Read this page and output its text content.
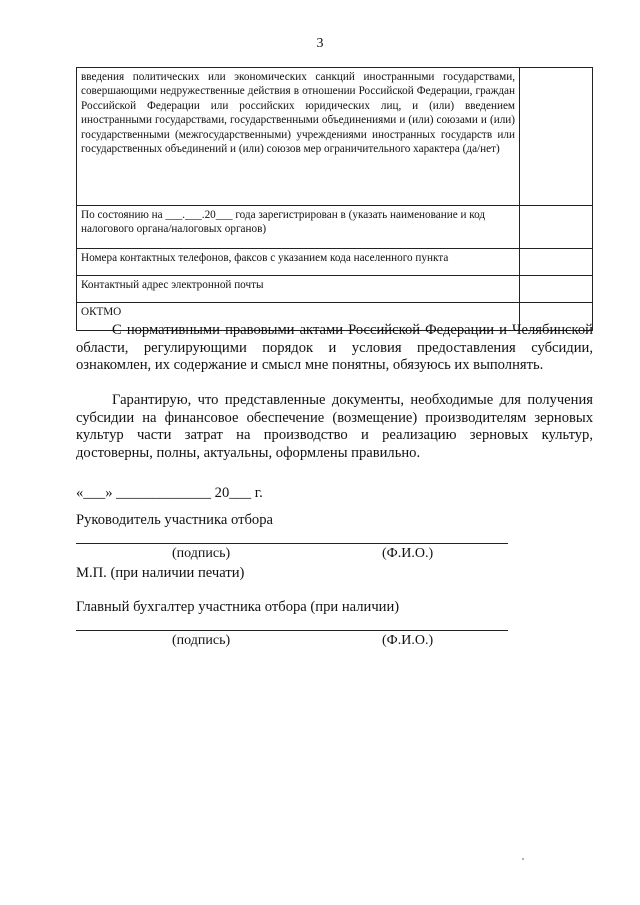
3
введения политических или экономических санкций иностранными государствами, совершающими недружественные действия в отношении Российской Федерации, граждан Российской Федерации или российских юридических лиц, и (или) введением иностранными государствами, государственными объединениями и (или) союзами и (или) государственными (межгосударственными) учреждениями иностранных государств или государственных объединений и (или) союзов мер ограничительного характера (да/нет)	
По состоянию на ___.___.20___ года зарегистрирован в (указать наименование и код налогового органа/налоговых органов)	
Номера контактных телефонов, факсов с указанием кода населенного пункта	
Контактный адрес электронной почты	
ОКТМО	

С нормативными правовыми актами Российской Федерации и Челябинской области, регулирующими порядок и условия предоставления субсидии, ознакомлен, их содержание и смысл мне понятны, обязуюсь их выполнять.

Гарантирую, что представленные документы, необходимые для получения субсидии на финансовое обеспечение (возмещение) производителям зерновых культур части затрат на производство и реализацию зерновых культур, достоверны, полны, актуальны, оформлены правильно.

«___» _____________ 20___ г.
Руководитель участника отбора
(подпись)	(Ф.И.О.)
М.П. (при наличии печати)
Главный бухгалтер участника отбора (при наличии)
(подпись)	(Ф.И.О.)
